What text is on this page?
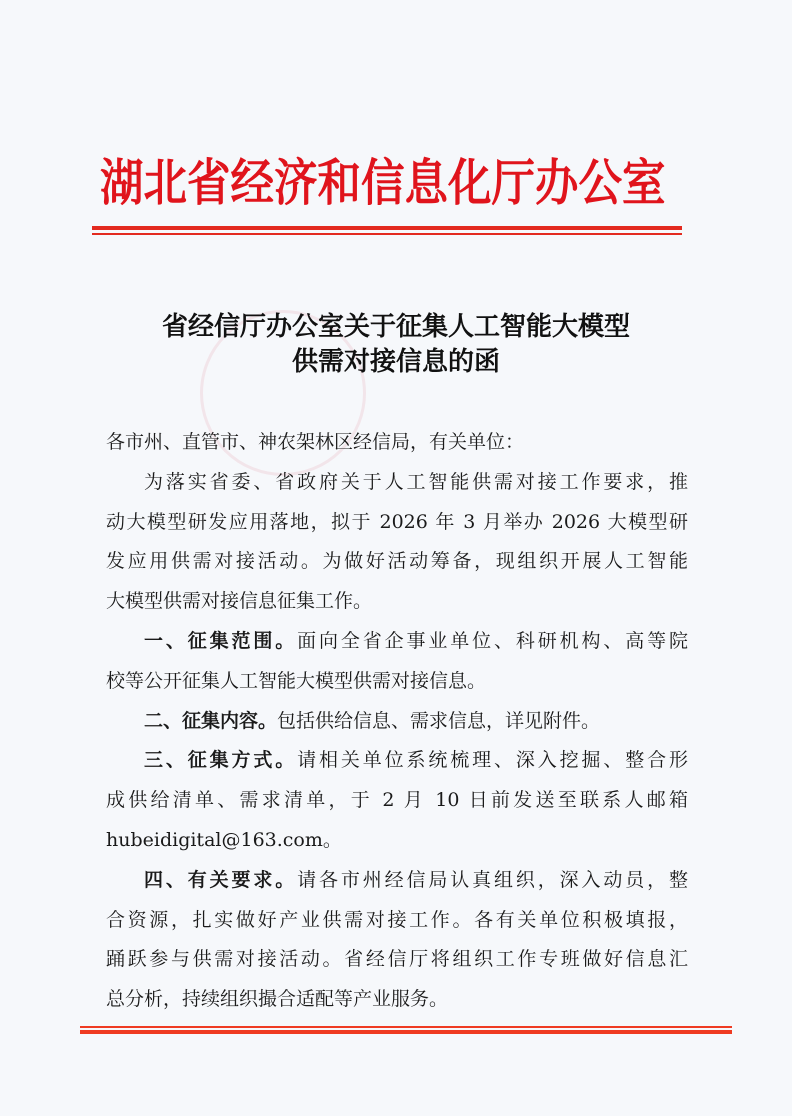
湖北省经济和信息化厅办公室
省经信厅办公室关于征集人工智能大模型
供需对接信息的函
各市州、直管市、神农架林区经信局，有关单位：
为落实省委、省政府关于人工智能供需对接工作要求，推
动大模型研发应用落地，拟于 2026 年 3 月举办 2026 大模型研
发应用供需对接活动。为做好活动筹备，现组织开展人工智能
大模型供需对接信息征集工作。
一、征集范围。面向全省企事业单位、科研机构、高等院
校等公开征集人工智能大模型供需对接信息。
二、征集内容。包括供给信息、需求信息，详见附件。
三、征集方式。请相关单位系统梳理、深入挖掘、整合形
成供给清单、需求清单，于 2 月 10 日前发送至联系人邮箱
hubeidigital@163.com。
四、有关要求。请各市州经信局认真组织，深入动员，整
合资源，扎实做好产业供需对接工作。各有关单位积极填报，
踊跃参与供需对接活动。省经信厅将组织工作专班做好信息汇
总分析，持续组织撮合适配等产业服务。
